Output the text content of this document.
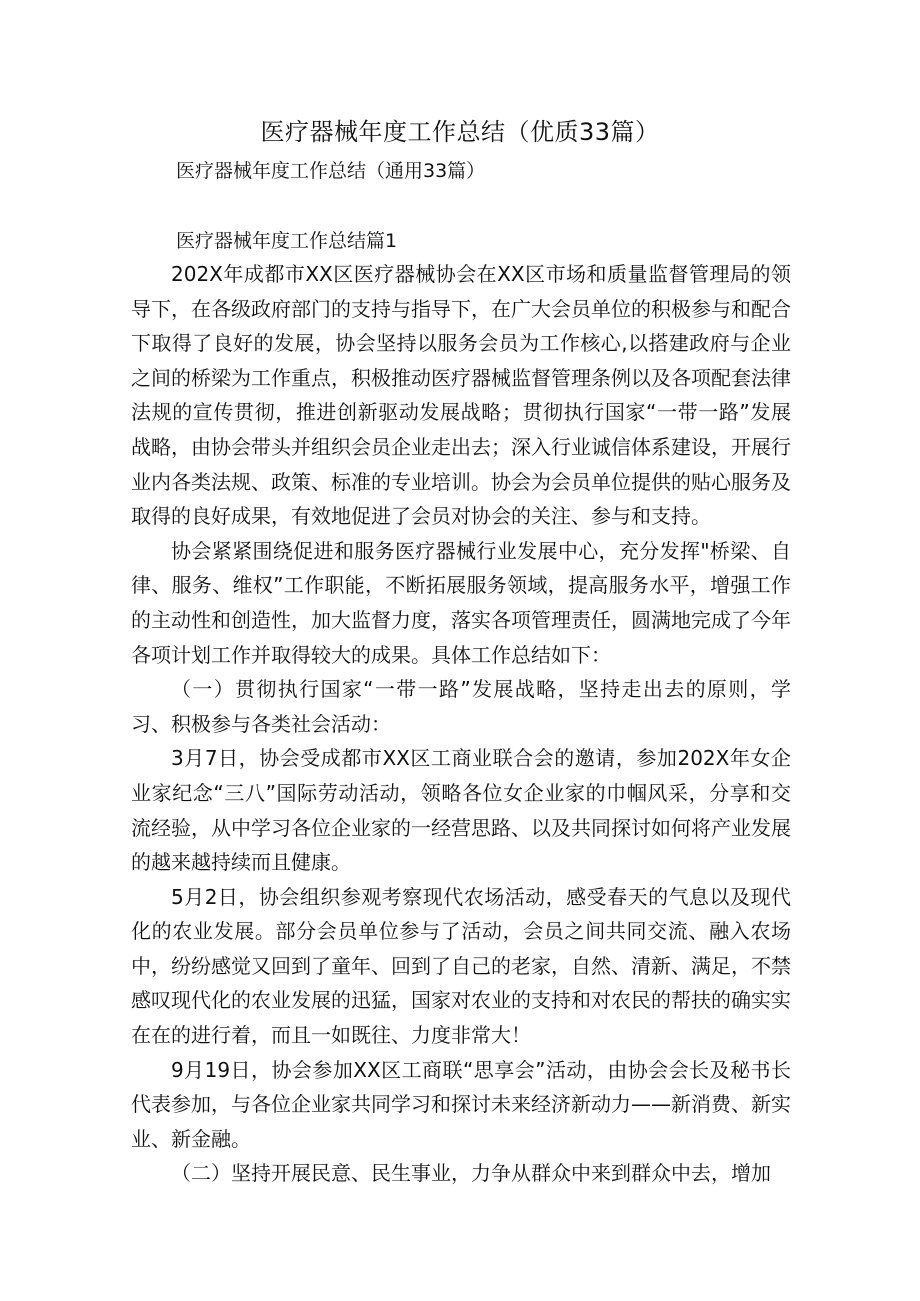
医疗器械年度工作总结（优质33篇）
医疗器械年度工作总结（通用33篇）
医疗器械年度工作总结篇1

202X年成都市XX区医疗器械协会在XX区市场和质量监督管理局的领导下，在各级政府部门的支持与指导下，在广大会员单位的积极参与和配合下取得了良好的发展，协会坚持以服务会员为工作核心,以搭建政府与企业之间的桥梁为工作重点，积极推动医疗器械监督管理条例以及各项配套法律法规的宣传贯彻，推进创新驱动发展战略；贯彻执行国家“一带一路”发展战略，由协会带头并组织会员企业走出去；深入行业诚信体系建设，开展行业内各类法规、政策、标准的专业培训。协会为会员单位提供的贴心服务及取得的良好成果，有效地促进了会员对协会的关注、参与和支持。

协会紧紧围绕促进和服务医疗器械行业发展中心，充分发挥"桥梁、自律、服务、维权”工作职能，不断拓展服务领域，提高服务水平，增强工作的主动性和创造性，加大监督力度，落实各项管理责任，圆满地完成了今年各项计划工作并取得较大的成果。具体工作总结如下：

（一）贯彻执行国家“一带一路”发展战略，坚持走出去的原则，学习、积极参与各类社会活动：

3月7日，协会受成都市XX区工商业联合会的邀请，参加202X年女企业家纪念“三八”国际劳动活动，领略各位女企业家的巾帼风采，分享和交流经验，从中学习各位企业家的一经营思路、以及共同探讨如何将产业发展的越来越持续而且健康。

5月2日，协会组织参观考察现代农场活动，感受春天的气息以及现代化的农业发展。部分会员单位参与了活动，会员之间共同交流、融入农场中，纷纷感觉又回到了童年、回到了自己的老家，自然、清新、满足，不禁感叹现代化的农业发展的迅猛，国家对农业的支持和对农民的帮扶的确实实在在的进行着，而且一如既往、力度非常大！

9月19日，协会参加XX区工商联“思享会”活动，由协会会长及秘书长代表参加，与各位企业家共同学习和探讨未来经济新动力——新消费、新实业、新金融。

（二）坚持开展民意、民生事业，力争从群众中来到群众中去，增加
